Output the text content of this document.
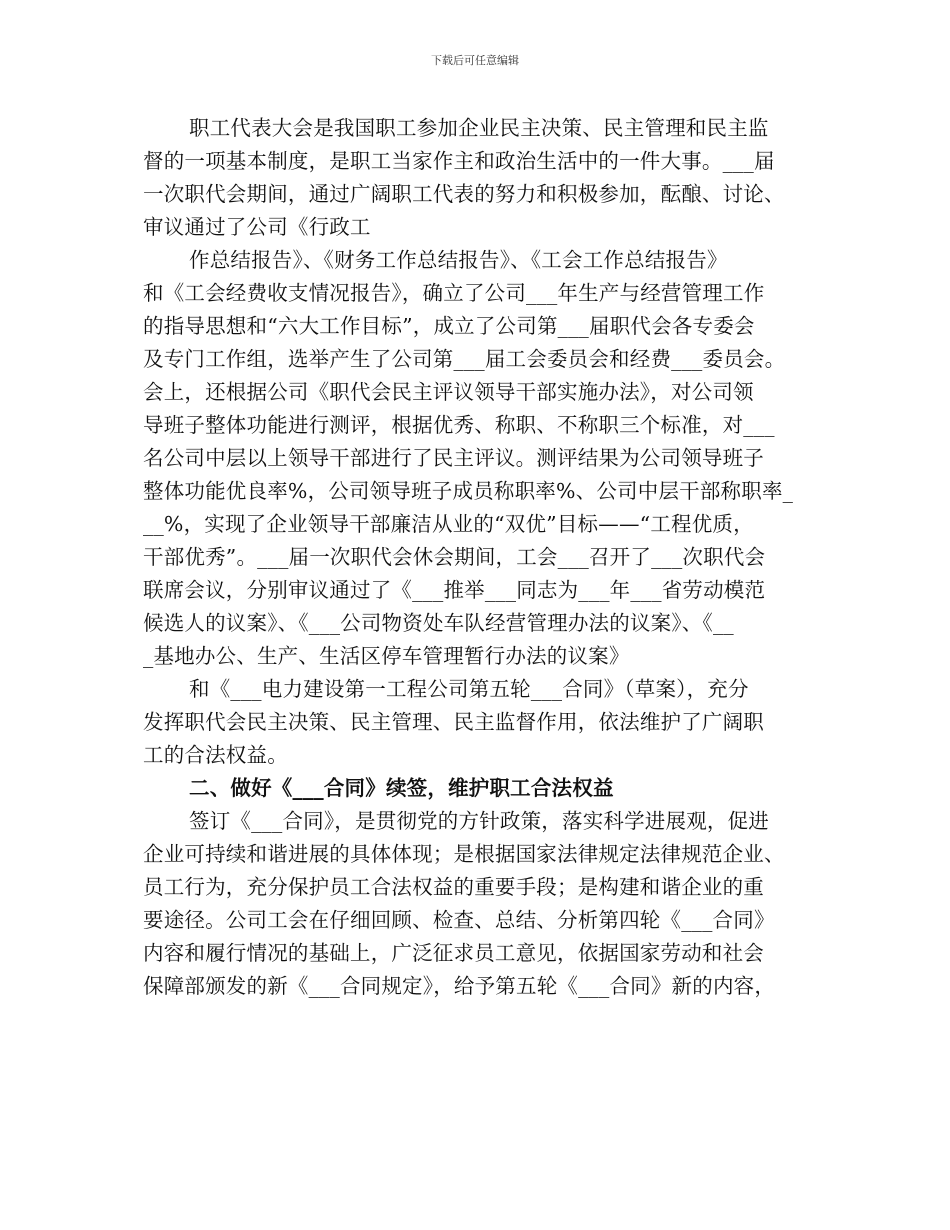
下载后可任意编辑
职工代表大会是我国职工参加企业民主决策、民主管理和民主监
督的一项基本制度，是职工当家作主和政治生活中的一件大事。___届
一次职代会期间，通过广阔职工代表的努力和积极参加，酝酿、讨论、
审议通过了公司《行政工
作总结报告》、《财务工作总结报告》、《工会工作总结报告》
和《工会经费收支情况报告》，确立了公司___年生产与经营管理工作
的指导思想和“六大工作目标”，成立了公司第___届职代会各专委会
及专门工作组，选举产生了公司第___届工会委员会和经费___委员会。
会上，还根据公司《职代会民主评议领导干部实施办法》，对公司领
导班子整体功能进行测评，根据优秀、称职、不称职三个标准，对___
名公司中层以上领导干部进行了民主评议。测评结果为公司领导班子
整体功能优良率%，公司领导班子成员称职率%、公司中层干部称职率_
__%，实现了企业领导干部廉洁从业的“双优”目标——“工程优质，
干部优秀”。___届一次职代会休会期间，工会___召开了___次职代会
联席会议，分别审议通过了《___推举___同志为___年___省劳动模范
候选人的议案》、《___公司物资处车队经营管理办法的议案》、《__
_基地办公、生产、生活区停车管理暂行办法的议案》
和《___电力建设第一工程公司第五轮___合同》（草案），充分
发挥职代会民主决策、民主管理、民主监督作用，依法维护了广阔职
工的合法权益。
二、做好《___合同》续签，维护职工合法权益
签订《___合同》，是贯彻党的方针政策，落实科学进展观，促进
企业可持续和谐进展的具体体现；是根据国家法律规定法律规范企业、
员工行为，充分保护员工合法权益的重要手段；是构建和谐企业的重
要途径。公司工会在仔细回顾、检查、总结、分析第四轮《___合同》
内容和履行情况的基础上，广泛征求员工意见，依据国家劳动和社会
保障部颁发的新《___合同规定》，给予第五轮《___合同》新的内容，
